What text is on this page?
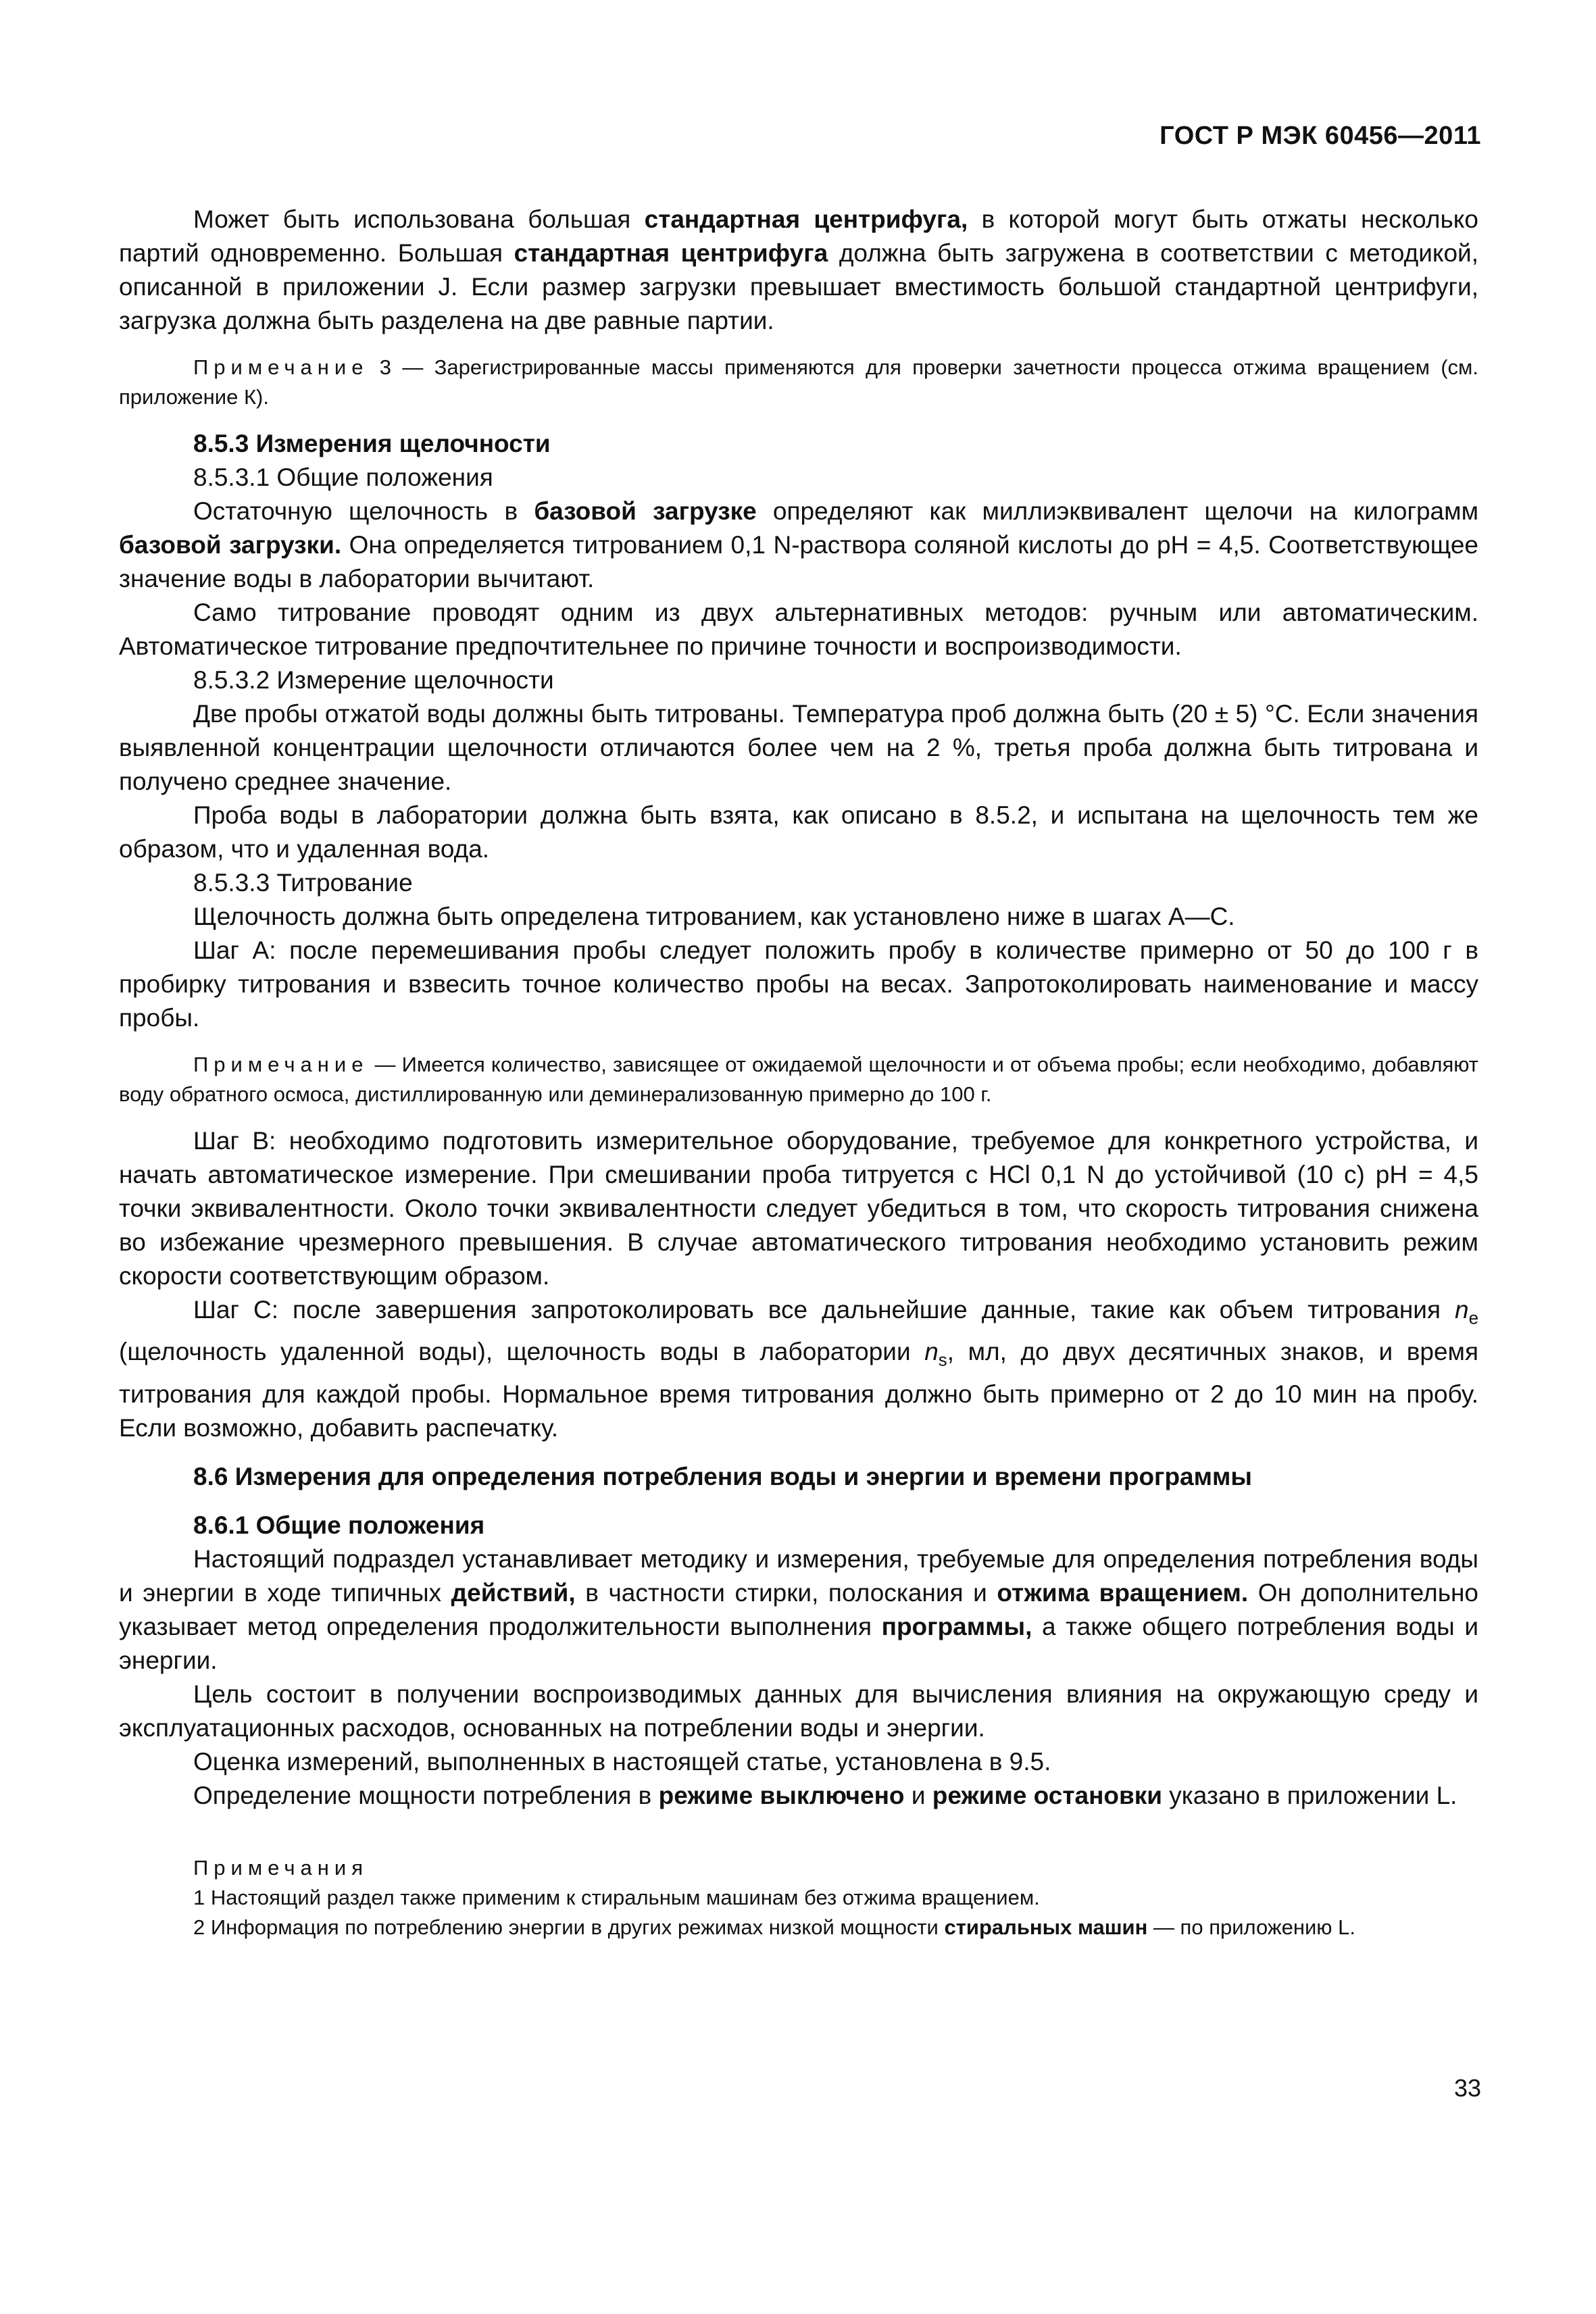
ГОСТ Р МЭК 60456—2011

Может быть использована большая стандартная центрифуга, в которой могут быть отжаты несколько партий одновременно. Большая стандартная центрифуга должна быть загружена в соответствии с методикой, описанной в приложении J. Если размер загрузки превышает вместимость большой стандартной центрифуги, загрузка должна быть разделена на две равные партии.

Примечание 3 — Зарегистрированные массы применяются для проверки зачетности процесса отжима вращением (см. приложение К).

8.5.3 Измерения щелочности

8.5.3.1 Общие положения

Остаточную щелочность в базовой загрузке определяют как миллиэквивалент щелочи на килограмм базовой загрузки. Она определяется титрованием 0,1 N-раствора соляной кислоты до рН = 4,5. Соответствующее значение воды в лаборатории вычитают.

Само титрование проводят одним из двух альтернативных методов: ручным или автоматическим. Автоматическое титрование предпочтительнее по причине точности и воспроизводимости.

8.5.3.2 Измерение щелочности

Две пробы отжатой воды должны быть титрованы. Температура проб должна быть (20 ± 5) °С. Если значения выявленной концентрации щелочности отличаются более чем на 2 %, третья проба должна быть титрована и получено среднее значение.

Проба воды в лаборатории должна быть взята, как описано в 8.5.2, и испытана на щелочность тем же образом, что и удаленная вода.

8.5.3.3 Титрование

Щелочность должна быть определена титрованием, как установлено ниже в шагах А—С.

Шаг А: после перемешивания пробы следует положить пробу в количестве примерно от 50 до 100 г в пробирку титрования и взвесить точное количество пробы на весах. Запротоколировать наименование и массу пробы.

Примечание — Имеется количество, зависящее от ожидаемой щелочности и от объема пробы; если необходимо, добавляют воду обратного осмоса, дистиллированную или деминерализованную примерно до 100 г.

Шаг В: необходимо подготовить измерительное оборудование, требуемое для конкретного устройства, и начать автоматическое измерение. При смешивании проба титруется с НСl 0,1 N до устойчивой (10 с) рН = 4,5 точки эквивалентности. Около точки эквивалентности следует убедиться в том, что скорость титрования снижена во избежание чрезмерного превышения. В случае автоматического титрования необходимо установить режим скорости соответствующим образом.

Шаг С: после завершения запротоколировать все дальнейшие данные, такие как объем титрования $n_e$ (щелочность удаленной воды), щелочность воды в лаборатории $n_s$, мл, до двух десятичных знаков, и время титрования для каждой пробы. Нормальное время титрования должно быть примерно от 2 до 10 мин на пробу. Если возможно, добавить распечатку.

8.6 Измерения для определения потребления воды и энергии и времени программы

8.6.1 Общие положения

Настоящий подраздел устанавливает методику и измерения, требуемые для определения потребления воды и энергии в ходе типичных действий, в частности стирки, полоскания и отжима вращением. Он дополнительно указывает метод определения продолжительности выполнения программы, а также общего потребления воды и энергии.

Цель состоит в получении воспроизводимых данных для вычисления влияния на окружающую среду и эксплуатационных расходов, основанных на потреблении воды и энергии.

Оценка измерений, выполненных в настоящей статье, установлена в 9.5.

Определение мощности потребления в режиме выключено и режиме остановки указано в приложении L.

Примечания

1 Настоящий раздел также применим к стиральным машинам без отжима вращением.

2 Информация по потреблению энергии в других режимах низкой мощности стиральных машин — по приложению L.

33
